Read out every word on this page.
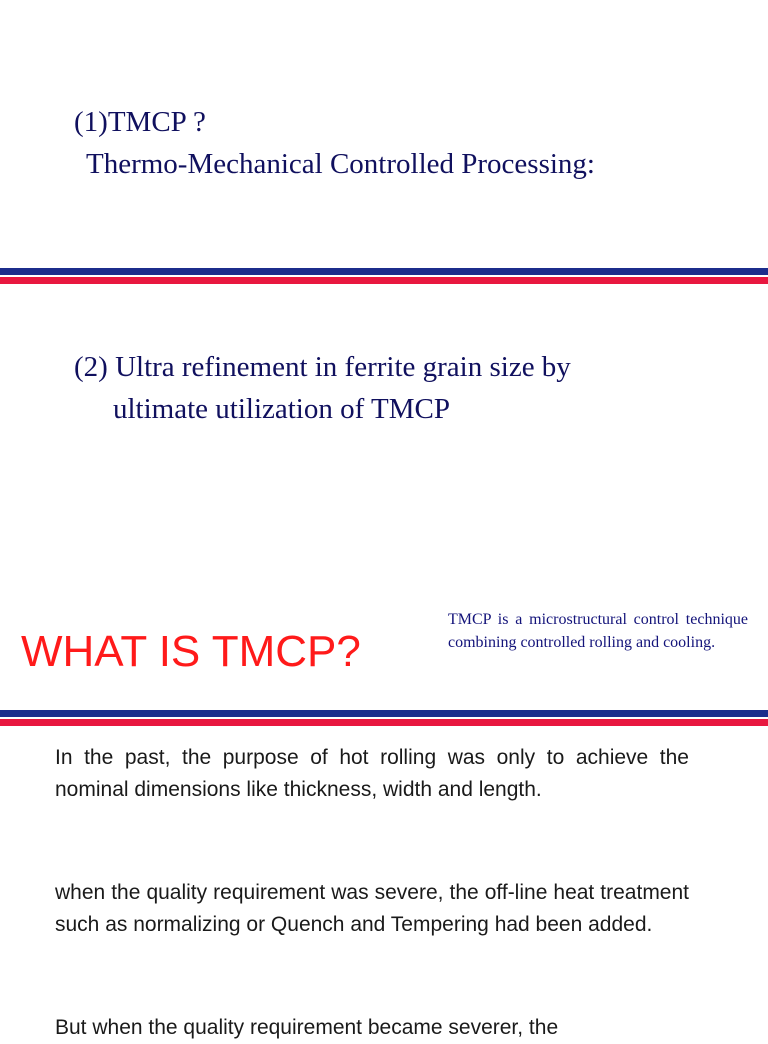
(1)TMCP ?
Thermo-Mechanical Controlled Processing:
(2) Ultra refinement in ferrite grain size by
ultimate utilization of TMCP
WHAT IS TMCP?
TMCP is a microstructural control technique combining controlled rolling and cooling.

In the past, the purpose of hot rolling was only to achieve the nominal dimensions like thickness, width and length.

when the quality requirement was severe, the off-line heat treatment such as normalizing or Quench and Tempering had been added.

But when the quality requirement became severer, the
